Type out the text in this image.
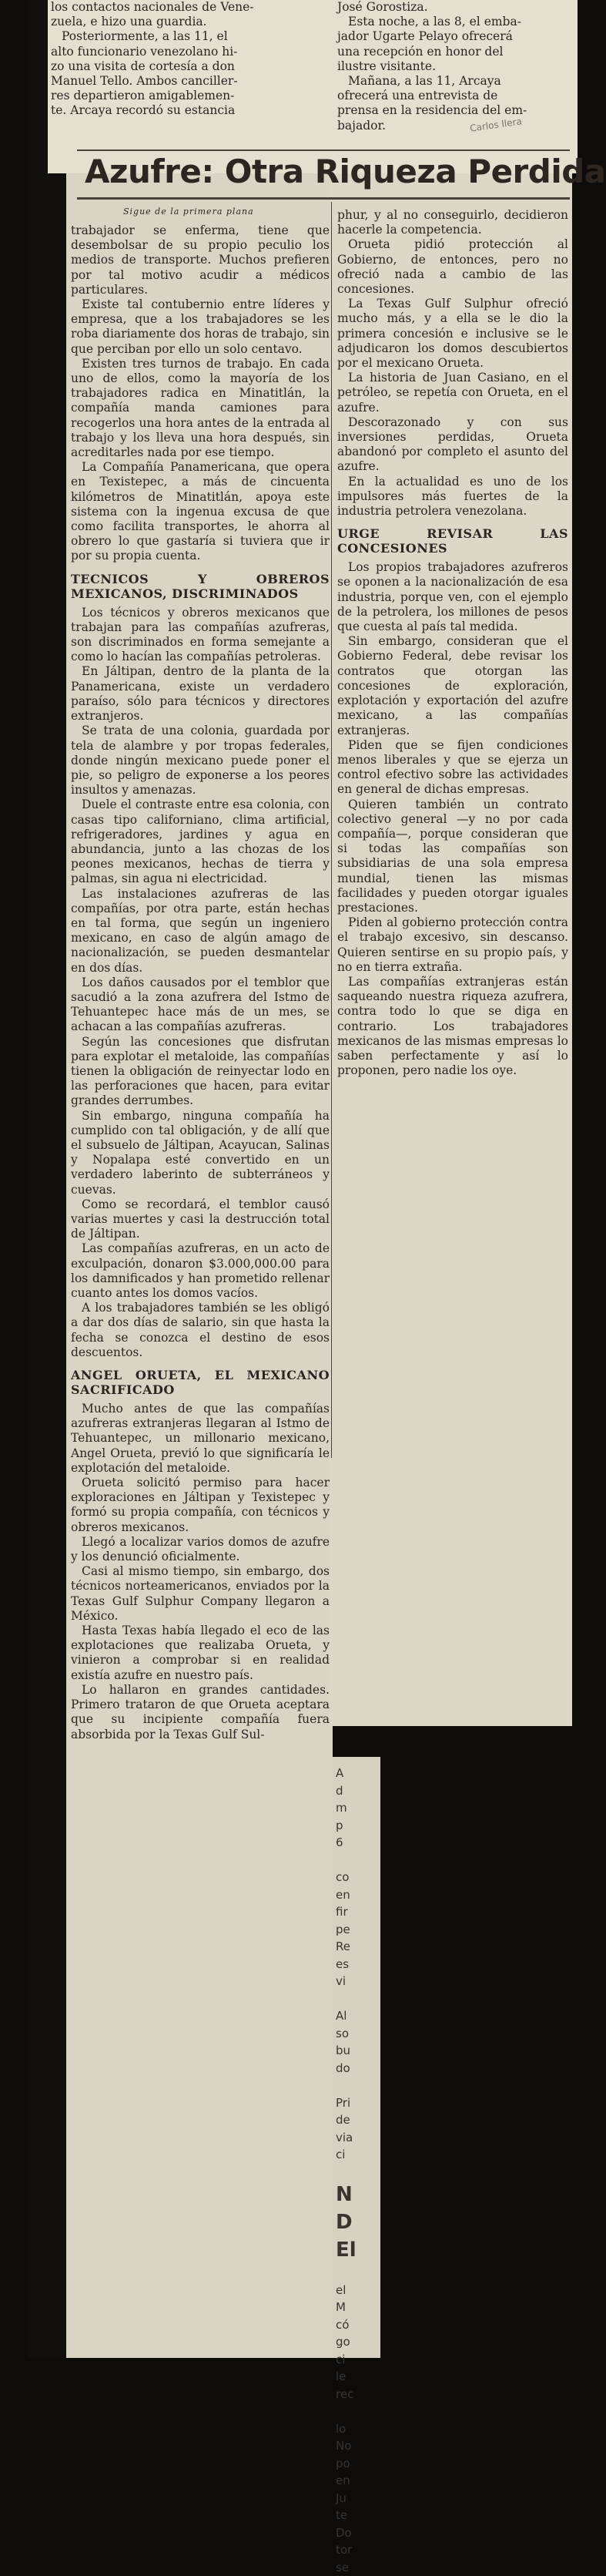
los contactos nacionales de Vene-

zuela, e hizo una guardia.

Posteriormente, a las 11, el

alto funcionario venezolano hi-

zo una visita de cortesía a don

Manuel Tello. Ambos canciller-

res departieron amigablemen-

te. Arcaya recordó su estancia

José Gorostiza.

Esta noche, a las 8, el emba-

jador Ugarte Pelayo ofrecerá

una recepción en honor del

ilustre visitante.

Mañana, a las 11, Arcaya

ofrecerá una entrevista de

prensa en la residencia del em-

bajador.	Carlos Ilera
Azufre: Otra Riqueza Perdida
Sigue de la primera plana

trabajador se enferma, tiene que desembolsar de su propio peculio los medios de transporte. Muchos prefieren por tal motivo acudir a médicos particulares.

Existe tal contubernio entre líderes y empresa, que a los trabajadores se les roba diariamente dos horas de trabajo, sin que perciban por ello un solo centavo.

Existen tres turnos de trabajo. En cada uno de ellos, como la mayoría de los trabajadores radica en Minatitlán, la compañía manda camiones para recogerlos una hora antes de la entrada al trabajo y los lleva una hora después, sin acreditarles nada por ese tiempo.

La Compañía Panamericana, que opera en Texistepec, a más de cincuenta kilómetros de Minatitlán, apoya este sistema con la ingenua excusa de que como facilita transportes, le ahorra al obrero lo que gastaría si tuviera que ir por su propia cuenta.

TECNICOS Y OBREROS MEXICANOS, DISCRIMINADOS

Los técnicos y obreros mexicanos que trabajan para las compañías azufreras, son discriminados en forma semejante a como lo hacían las compañías petroleras.

En Jáltipan, dentro de la planta de la Panamericana, existe un verdadero paraíso, sólo para técnicos y directores extranjeros.

Se trata de una colonia, guardada por tela de alambre y por tropas federales, donde ningún mexicano puede poner el pie, so peligro de exponerse a los peores insultos y amenazas.

Duele el contraste entre esa colonia, con casas tipo californiano, clima artificial, refrigeradores, jardines y agua en abundancia, junto a las chozas de los peones mexicanos, hechas de tierra y palmas, sin agua ni electricidad.

Las instalaciones azufreras de las compañías, por otra parte, están hechas en tal forma, que según un ingeniero mexicano, en caso de algún amago de nacionalización, se pueden desmantelar en dos días.

Los daños causados por el temblor que sacudió a la zona azufrera del Istmo de Tehuantepec hace más de un mes, se achacan a las compañías azufreras.

Según las concesiones que disfrutan para explotar el metaloide, las compañías tienen la obligación de reinyectar lodo en las perforaciones que hacen, para evitar grandes derrumbes.

Sin embargo, ninguna compañía ha cumplido con tal obligación, y de allí que el subsuelo de Jáltipan, Acayucan, Salinas y Nopalapa esté convertido en un verdadero laberinto de subterráneos y cuevas.

Como se recordará, el temblor causó varias muertes y casi la destrucción total de Jáltipan.

Las compañías azufreras, en un acto de exculpación, donaron $3.000,000.00 para los damnificados y han prometido rellenar cuanto antes los domos vacíos.

A los trabajadores también se les obligó a dar dos días de salario, sin que hasta la fecha se conozca el destino de esos descuentos.

ANGEL ORUETA, EL MEXICANO SACRIFICADO

Mucho antes de que las compañías azufreras extranjeras llegaran al Istmo de Tehuantepec, un millonario mexicano, Angel Orueta, previó lo que significaría le explotación del metaloide.

Orueta solicitó permiso para hacer exploraciones en Jáltipan y Texistepec y formó su propia compañía, con técnicos y obreros mexicanos.

Llegó a localizar varios domos de azufre y los denunció oficialmente.

Casi al mismo tiempo, sin embargo, dos técnicos norteamericanos, enviados por la Texas Gulf Sulphur Company llegaron a México.

Hasta Texas había llegado el eco de las explotaciones que realizaba Orueta, y vinieron a comprobar si en realidad existía azufre en nuestro país.

Lo hallaron en grandes cantidades. Primero trataron de que Orueta aceptara que su incipiente compañía fuera absorbida por la Texas Gulf Sul-

phur, y al no conseguirlo, decidieron hacerle la competencia.

Orueta pidió protección al Gobierno, de entonces, pero no ofreció nada a cambio de las concesiones.

La Texas Gulf Sulphur ofreció mucho más, y a ella se le dio la primera concesión e inclusive se le adjudicaron los domos descubiertos por el mexicano Orueta.

La historia de Juan Casiano, en el petróleo, se repetía con Orueta, en el azufre.

Descorazonado y con sus inversiones perdidas, Orueta abandonó por completo el asunto del azufre.

En la actualidad es uno de los impulsores más fuertes de la industria petrolera venezolana.

URGE REVISAR LAS CONCESIONES

Los propios trabajadores azufreros se oponen a la nacionalización de esa industria, porque ven, con el ejemplo de la petrolera, los millones de pesos que cuesta al país tal medida.

Sin embargo, consideran que el Gobierno Federal, debe revisar los contratos que otorgan las concesiones de exploración, explotación y exportación del azufre mexicano, a las compañías extranjeras.

Piden que se fijen condiciones menos liberales y que se ejerza un control efectivo sobre las actividades en general de dichas empresas.

Quieren también un contrato colectivo general —y no por cada compañía—, porque consideran que si todas las compañías son subsidiarias de una sola empresa mundial, tienen las mismas facilidades y pueden otorgar iguales prestaciones.

Piden al gobierno protección contra el trabajo excesivo, sin descanso. Quieren sentirse en su propio país, y no en tierra extraña.

Las compañías extranjeras están saqueando nuestra riqueza azufrera, contra todo lo que se diga en contrario. Los trabajadores mexicanos de las mismas empresas lo saben perfectamente y así lo proponen, pero nadie los oye.

A
d
m
p
6

co
en
fir
pe
Re
es
vi

Al
so
bu
do

Pri
de
via
ci

N
D
El

el
M
có
go
ci
le
rec

lo
No
po
en
Ju
te
Do
tor
se
